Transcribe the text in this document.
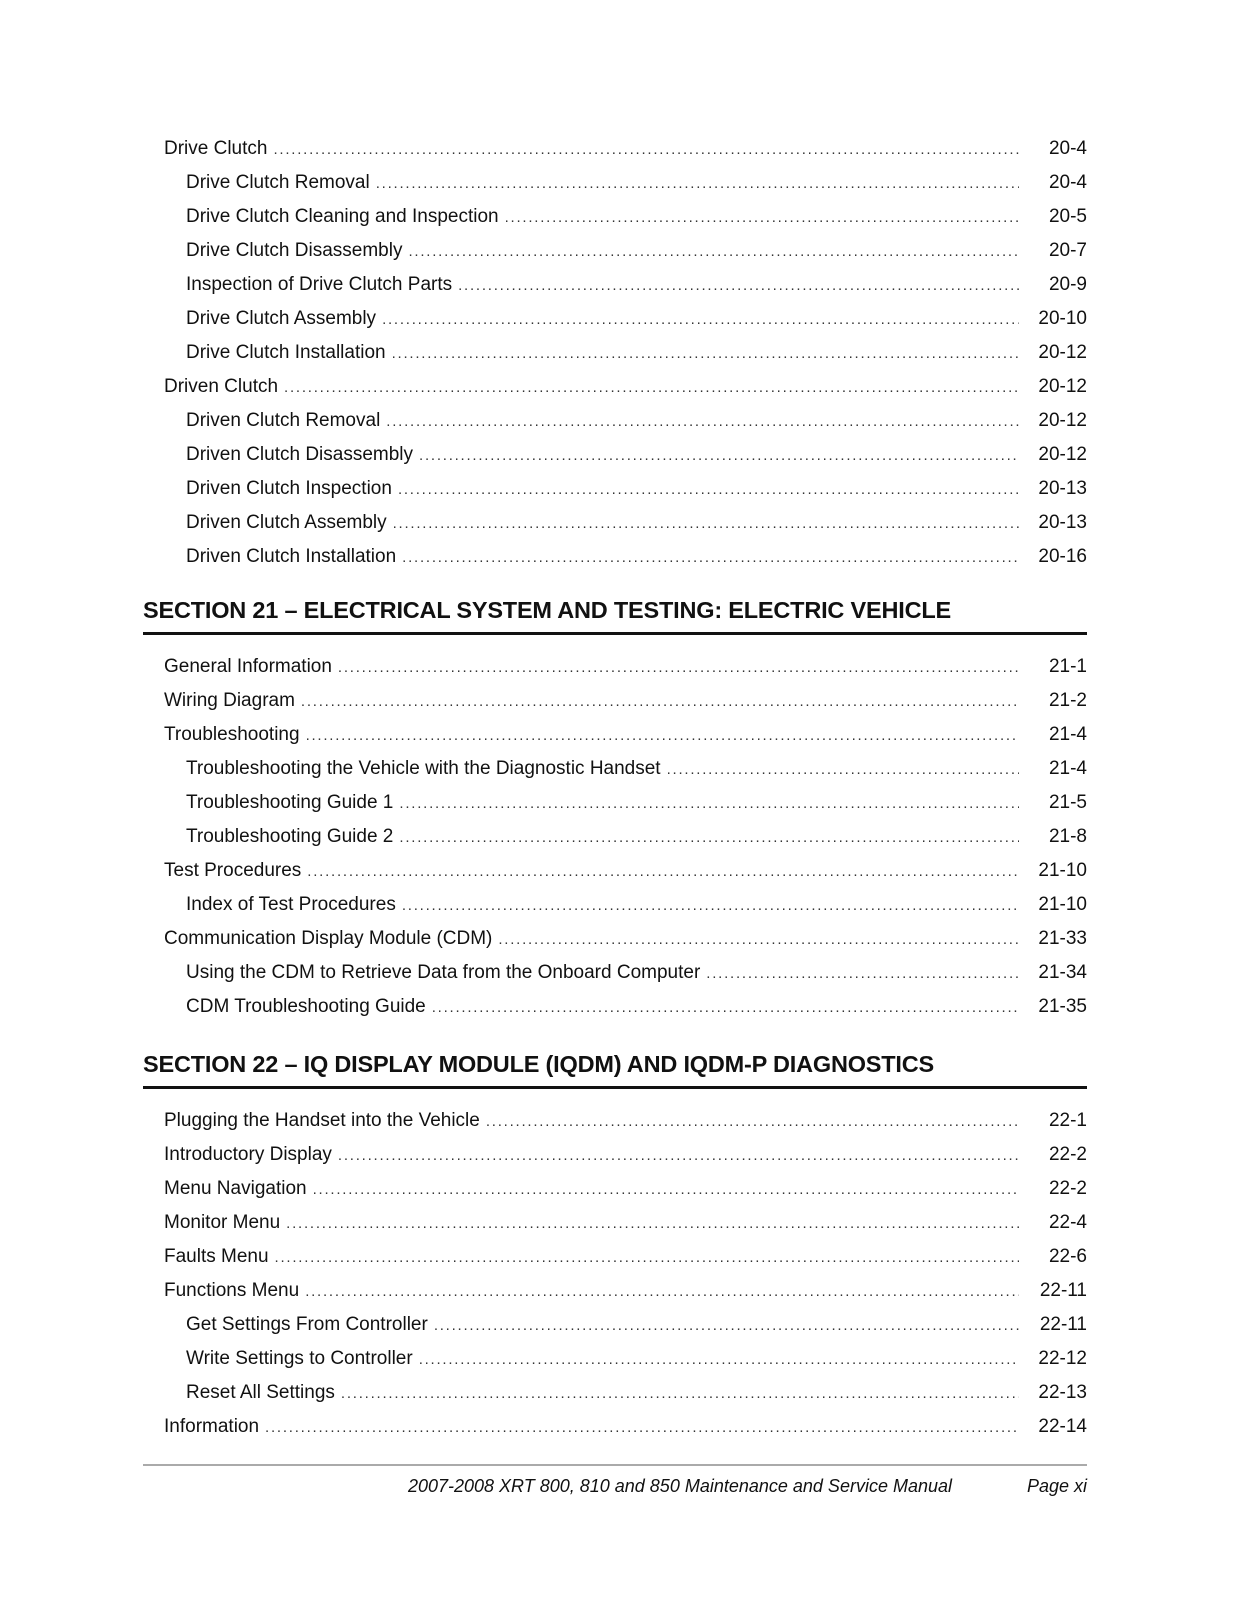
Drive Clutch . . .	20-4
Drive Clutch Removal . . .	20-4
Drive Clutch Cleaning and Inspection . . .	20-5
Drive Clutch Disassembly . . .	20-7
Inspection of Drive Clutch Parts . . .	20-9
Drive Clutch Assembly . . .	20-10
Drive Clutch Installation . . .	20-12
Driven Clutch . . .	20-12
Driven Clutch Removal . . .	20-12
Driven Clutch Disassembly . . .	20-12
Driven Clutch Inspection . . .	20-13
Driven Clutch Assembly . . .	20-13
Driven Clutch Installation . . .	20-16
SECTION 21 – ELECTRICAL SYSTEM AND TESTING: ELECTRIC VEHICLE
General Information . . .	21-1
Wiring Diagram . . .	21-2
Troubleshooting . . .	21-4
Troubleshooting the Vehicle with the Diagnostic Handset . . .	21-4
Troubleshooting Guide 1 . . .	21-5
Troubleshooting Guide 2 . . .	21-8
Test Procedures . . .	21-10
Index of Test Procedures . . .	21-10
Communication Display Module (CDM) . . .	21-33
Using the CDM to Retrieve Data from the Onboard Computer . . .	21-34
CDM Troubleshooting Guide . . .	21-35
SECTION 22 – IQ DISPLAY MODULE (IQDM) AND IQDM-P DIAGNOSTICS
Plugging the Handset into the Vehicle . . .	22-1
Introductory Display . . .	22-2
Menu Navigation . . .	22-2
Monitor Menu . . .	22-4
Faults Menu . . .	22-6
Functions Menu . . .	22-11
Get Settings From Controller . . .	22-11
Write Settings to Controller . . .	22-12
Reset All Settings . . .	22-13
Information . . .	22-14
2007-2008 XRT 800, 810 and 850 Maintenance and Service Manual	Page xi
